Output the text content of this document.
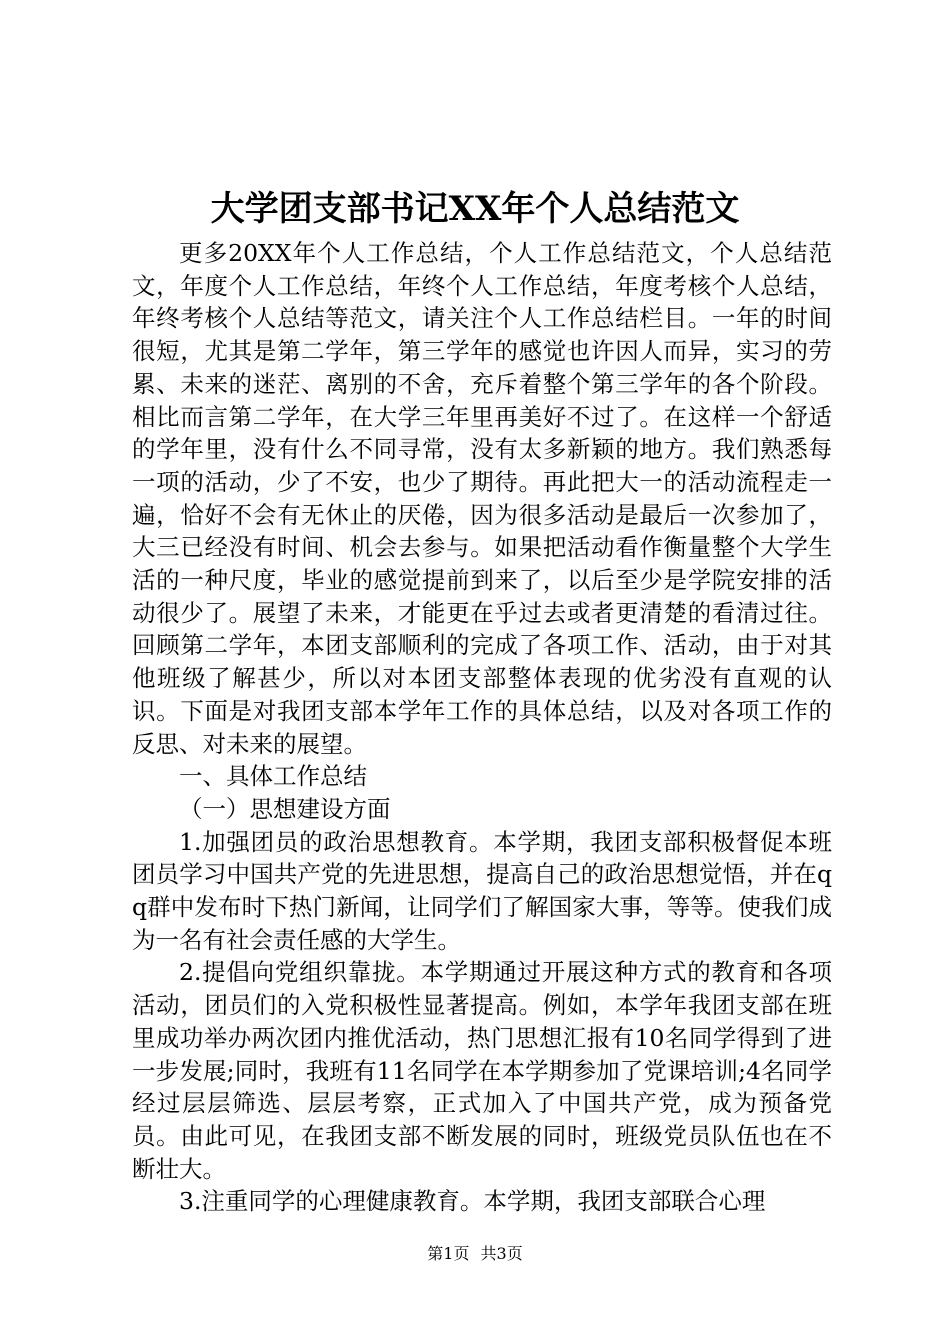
大学团支部书记XX年个人总结范文

更多20XX年个人工作总结，个人工作总结范文，个人总结范文，年度个人工作总结，年终个人工作总结，年度考核个人总结，年终考核个人总结等范文，请关注个人工作总结栏目。一年的时间很短，尤其是第二学年，第三学年的感觉也许因人而异，实习的劳累、未来的迷茫、离别的不舍，充斥着整个第三学年的各个阶段。相比而言第二学年，在大学三年里再美好不过了。在这样一个舒适的学年里，没有什么不同寻常，没有太多新颖的地方。我们熟悉每一项的活动，少了不安，也少了期待。再此把大一的活动流程走一遍，恰好不会有无休止的厌倦，因为很多活动是最后一次参加了，大三已经没有时间、机会去参与。如果把活动看作衡量整个大学生活的一种尺度，毕业的感觉提前到来了，以后至少是学院安排的活动很少了。展望了未来，才能更在乎过去或者更清楚的看清过往。回顾第二学年，本团支部顺利的完成了各项工作、活动，由于对其他班级了解甚少，所以对本团支部整体表现的优劣没有直观的认识。下面是对我团支部本学年工作的具体总结，以及对各项工作的反思、对未来的展望。

一、具体工作总结

（一）思想建设方面

1.加强团员的政治思想教育。本学期，我团支部积极督促本班团员学习中国共产党的先进思想，提高自己的政治思想觉悟，并在qq群中发布时下热门新闻，让同学们了解国家大事，等等。使我们成为一名有社会责任感的大学生。

2.提倡向党组织靠拢。本学期通过开展这种方式的教育和各项活动，团员们的入党积极性显著提高。例如，本学年我团支部在班里成功举办两次团内推优活动，热门思想汇报有10名同学得到了进一步发展;同时，我班有11名同学在本学期参加了党课培训;4名同学经过层层筛选、层层考察，正式加入了中国共产党，成为预备党员。由此可见，在我团支部不断发展的同时，班级党员队伍也在不断壮大。

3.注重同学的心理健康教育。本学期，我团支部联合心理

第1页 共3页
